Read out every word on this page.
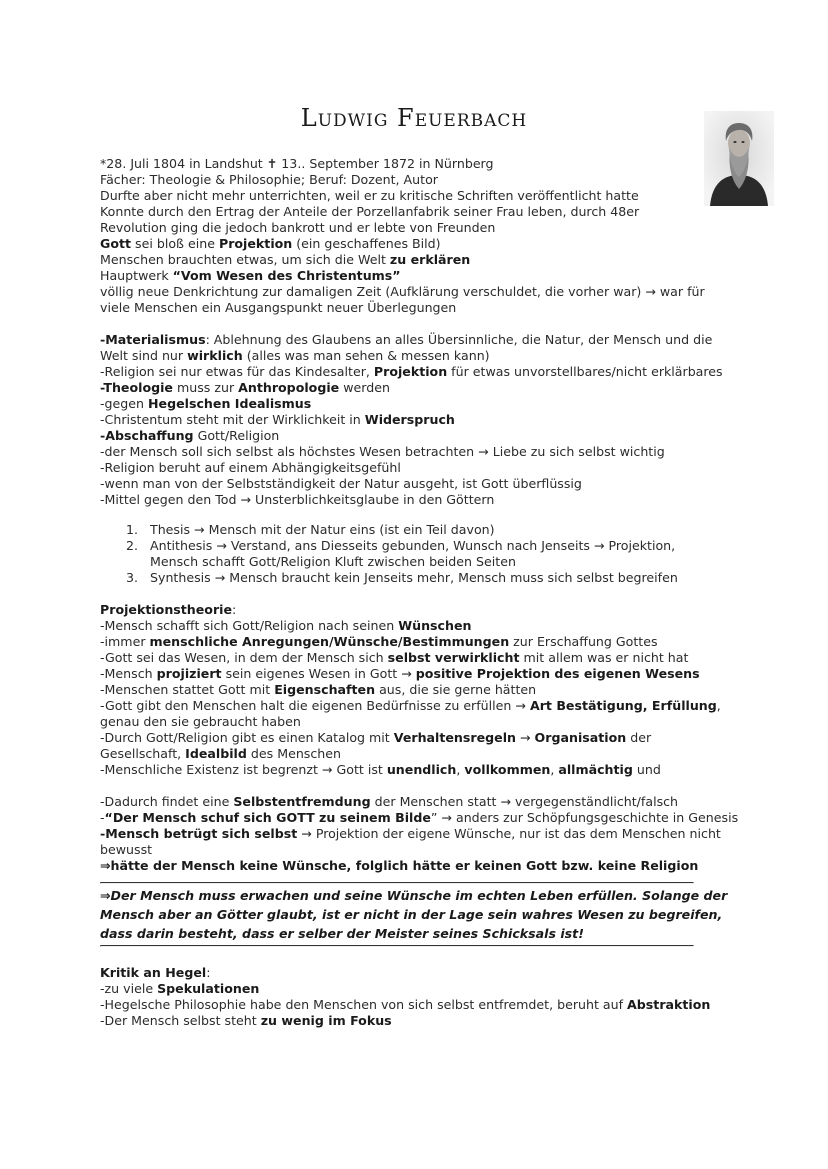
Ludwig Feuerbach
*28. Juli 1804 in Landshut ✝ 13.. September 1872 in Nürnberg
Fächer: Theologie & Philosophie; Beruf: Dozent, Autor
Durfte aber nicht mehr unterrichten, weil er zu kritische Schriften veröffentlicht hatte
Konnte durch den Ertrag der Anteile der Porzellanfabrik seiner Frau leben, durch 48er
Revolution ging die jedoch bankrott und er lebte von Freunden
Gott sei bloß eine Projektion (ein geschaffenes Bild)
Menschen brauchten etwas, um sich die Welt zu erklären
Hauptwerk “Vom Wesen des Christentums”
völlig neue Denkrichtung zur damaligen Zeit (Aufklärung verschuldet, die vorher war) → war für
viele Menschen ein Ausgangspunkt neuer Überlegungen
-Materialismus: Ablehnung des Glaubens an alles Übersinnliche, die Natur, der Mensch und die
Welt sind nur wirklich (alles was man sehen & messen kann)
-Religion sei nur etwas für das Kindesalter, Projektion für etwas unvorstellbares/nicht erklärbares
-Theologie muss zur Anthropologie werden
-gegen Hegelschen Idealismus
-Christentum steht mit der Wirklichkeit in Widerspruch
-Abschaffung Gott/Religion
-der Mensch soll sich selbst als höchstes Wesen betrachten → Liebe zu sich selbst wichtig
-Religion beruht auf einem Abhängigkeitsgefühl
-wenn man von der Selbstständigkeit der Natur ausgeht, ist Gott überflüssig
-Mittel gegen den Tod → Unsterblichkeitsglaube in den Göttern
1. Thesis → Mensch mit der Natur eins (ist ein Teil davon)
2. Antithesis → Verstand, ans Diesseits gebunden, Wunsch nach Jenseits → Projektion,
Mensch schafft Gott/Religion Kluft zwischen beiden Seiten
3. Synthesis → Mensch braucht kein Jenseits mehr, Mensch muss sich selbst begreifen
Projektionstheorie:
-Mensch schafft sich Gott/Religion nach seinen Wünschen
-immer menschliche Anregungen/Wünsche/Bestimmungen zur Erschaffung Gottes
-Gott sei das Wesen, in dem der Mensch sich selbst verwirklicht mit allem was er nicht hat
-Mensch projiziert sein eigenes Wesen in Gott → positive Projektion des eigenen Wesens
-Menschen stattet Gott mit Eigenschaften aus, die sie gerne hätten
-Gott gibt den Menschen halt die eigenen Bedürfnisse zu erfüllen → Art Bestätigung, Erfüllung,
genau den sie gebraucht haben
-Durch Gott/Religion gibt es einen Katalog mit Verhaltensregeln → Organisation der
Gesellschaft, Idealbild des Menschen
-Menschliche Existenz ist begrenzt → Gott ist unendlich, vollkommen, allmächtig und
-Dadurch findet eine Selbstentfremdung der Menschen statt → vergegenständlicht/falsch
-“Der Mensch schuf sich GOTT zu seinem Bilde” → anders zur Schöpfungsgeschichte in Genesis
-Mensch betrügt sich selbst → Projektion der eigene Wünsche, nur ist das dem Menschen nicht
bewusst
⇒hätte der Mensch keine Wünsche, folglich hätte er keinen Gott bzw. keine Religion
⇒Der Mensch muss erwachen und seine Wünsche im echten Leben erfüllen. Solange der Mensch aber an Götter glaubt, ist er nicht in der Lage sein wahres Wesen zu begreifen, dass darin besteht, dass er selber der Meister seines Schicksals ist!
Kritik an Hegel:
-zu viele Spekulationen
-Hegelsche Philosophie habe den Menschen von sich selbst entfremdet, beruht auf Abstraktion
-Der Mensch selbst steht zu wenig im Fokus
